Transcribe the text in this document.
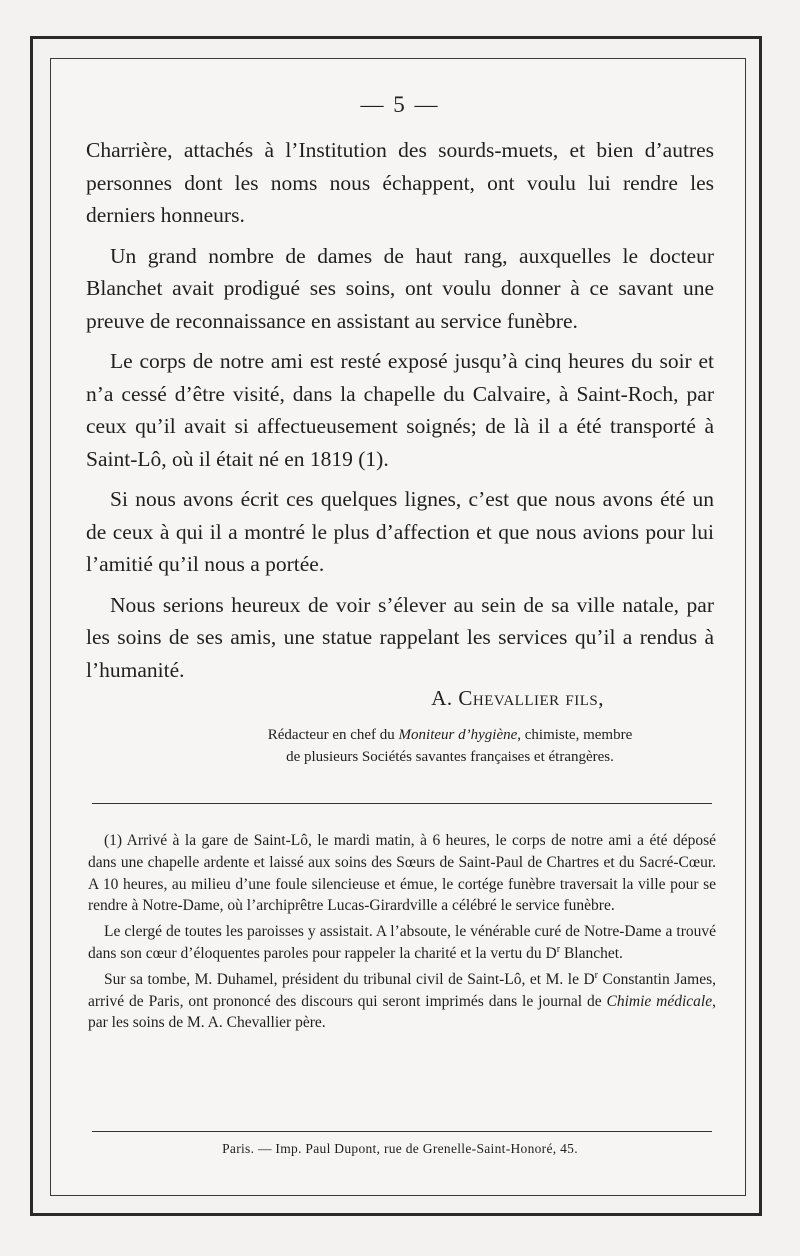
— 5 —

Charrière, attachés à l’Institution des sourds-muets, et bien d’autres personnes dont les noms nous échappent, ont voulu lui rendre les derniers honneurs.

Un grand nombre de dames de haut rang, auxquelles le docteur Blanchet avait prodigué ses soins, ont voulu donner à ce savant une preuve de reconnaissance en assistant au service funèbre.

Le corps de notre ami est resté exposé jusqu’à cinq heures du soir et n’a cessé d’être visité, dans la chapelle du Calvaire, à Saint-Roch, par ceux qu’il avait si affectueusement soignés; de là il a été transporté à Saint-Lô, où il était né en 1819 (1).

Si nous avons écrit ces quelques lignes, c’est que nous avons été un de ceux à qui il a montré le plus d’affection et que nous avions pour lui l’amitié qu’il nous a portée.

Nous serions heureux de voir s’élever au sein de sa ville natale, par les soins de ses amis, une statue rappelant les services qu’il a rendus à l’humanité.

A. Chevallier fils,
Rédacteur en chef du Moniteur d’hygiène, chimiste, membre
de plusieurs Sociétés savantes françaises et étrangères.

(1) Arrivé à la gare de Saint-Lô, le mardi matin, à 6 heures, le corps de notre ami a été déposé dans une chapelle ardente et laissé aux soins des Sœurs de Saint-Paul de Chartres et du Sacré-Cœur. A 10 heures, au milieu d’une foule silencieuse et émue, le cortége funèbre traversait la ville pour se rendre à Notre-Dame, où l’archiprêtre Lucas-Girardville a célébré le service funèbre.

Le clergé de toutes les paroisses y assistait. A l’absoute, le vénérable curé de Notre-Dame a trouvé dans son cœur d’éloquentes paroles pour rappeler la charité et la vertu du $D^r$ Blanchet.

Sur sa tombe, M. Duhamel, président du tribunal civil de Saint-Lô, et M. le $D^r$ Constantin James, arrivé de Paris, ont prononcé des discours qui seront imprimés dans le journal de Chimie médicale, par les soins de M. A. Chevallier père.

Paris. — Imp. Paul Dupont, rue de Grenelle-Saint-Honoré, 45.
